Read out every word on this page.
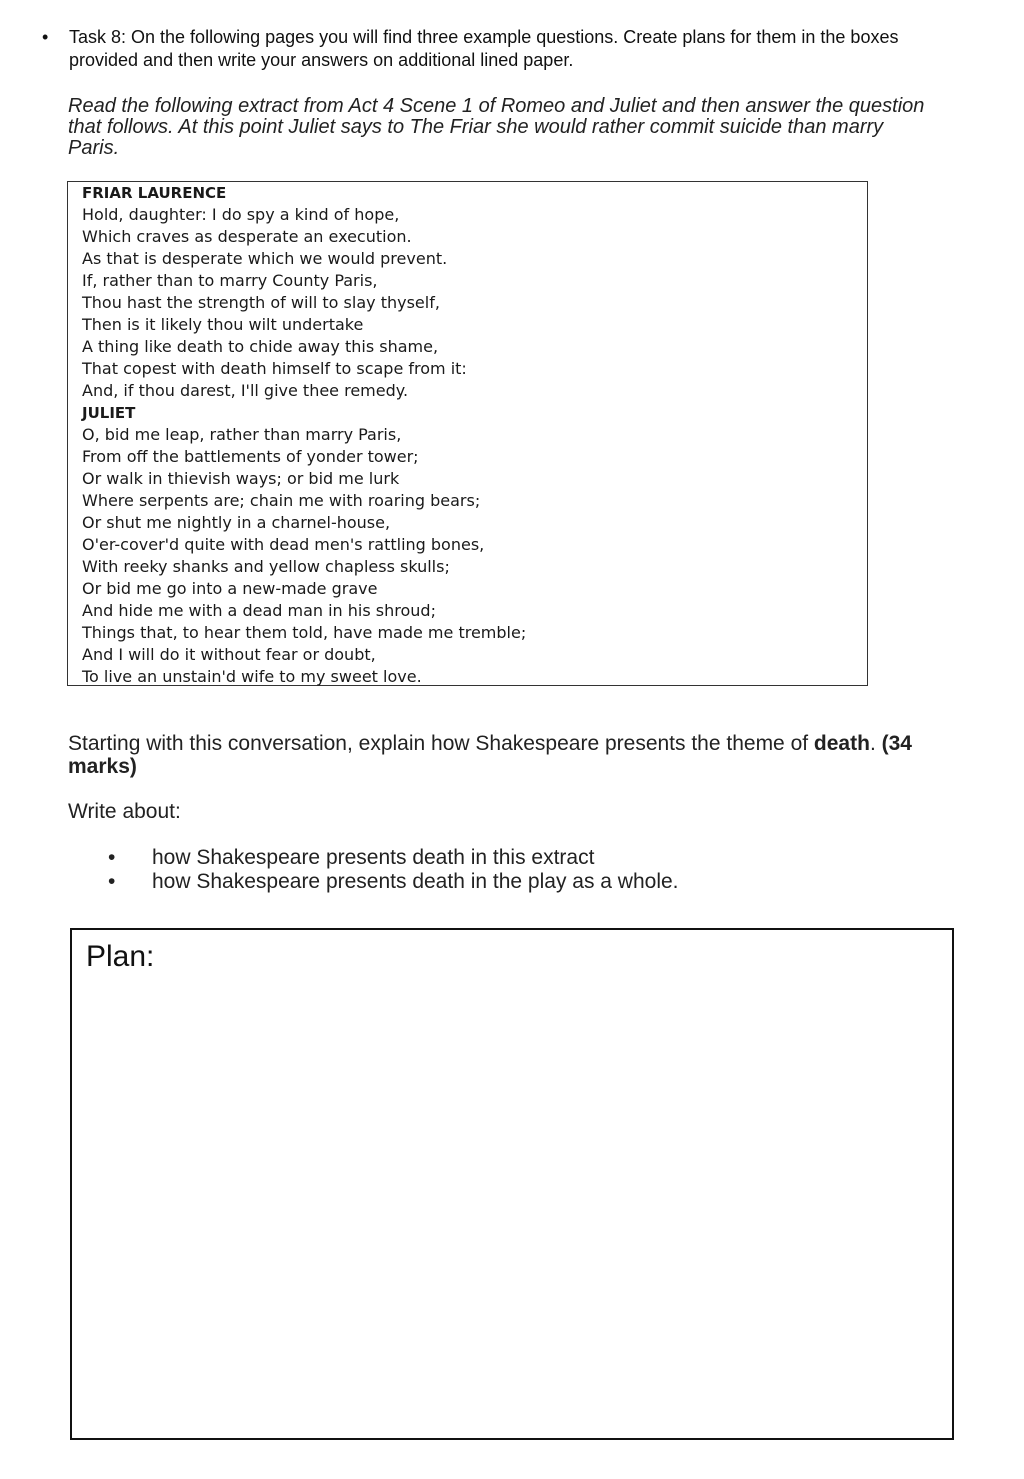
• Task 8: On the following pages you will find three example questions. Create plans for them in the boxes provided and then write your answers on additional lined paper.
Read the following extract from Act 4 Scene 1 of Romeo and Juliet and then answer the question that follows. At this point Juliet says to The Friar she would rather commit suicide than marry Paris.
FRIAR LAURENCE
Hold, daughter: I do spy a kind of hope,
Which craves as desperate an execution.
As that is desperate which we would prevent.
If, rather than to marry County Paris,
Thou hast the strength of will to slay thyself,
Then is it likely thou wilt undertake
A thing like death to chide away this shame,
That copest with death himself to scape from it:
And, if thou darest, I'll give thee remedy.
JULIET
O, bid me leap, rather than marry Paris,
From off the battlements of yonder tower;
Or walk in thievish ways; or bid me lurk
Where serpents are; chain me with roaring bears;
Or shut me nightly in a charnel-house,
O'er-cover'd quite with dead men's rattling bones,
With reeky shanks and yellow chapless skulls;
Or bid me go into a new-made grave
And hide me with a dead man in his shroud;
Things that, to hear them told, have made me tremble;
And I will do it without fear or doubt,
To live an unstain'd wife to my sweet love.
Starting with this conversation, explain how Shakespeare presents the theme of death. (34 marks)
Write about:
• how Shakespeare presents death in this extract
• how Shakespeare presents death in the play as a whole.
Plan:
